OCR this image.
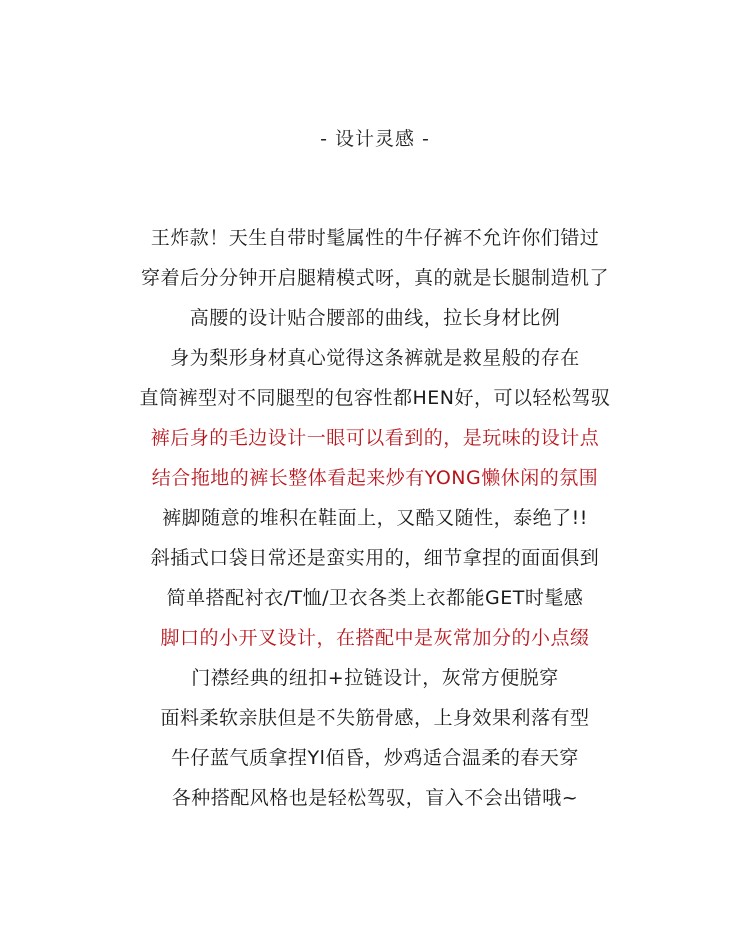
- 设计灵感 -
王炸款！天生自带时髦属性的牛仔裤不允许你们错过
穿着后分分钟开启腿精模式呀，真的就是长腿制造机了
高腰的设计贴合腰部的曲线，拉长身材比例
身为梨形身材真心觉得这条裤就是救星般的存在
直筒裤型对不同腿型的包容性都HEN好，可以轻松驾驭
裤后身的毛边设计一眼可以看到的，是玩味的设计点
结合拖地的裤长整体看起来炒有YONG懒休闲的氛围
裤脚随意的堆积在鞋面上，又酷又随性，泰绝了!!
斜插式口袋日常还是蛮实用的，细节拿捏的面面俱到
简单搭配衬衣/T恤/卫衣各类上衣都能GET时髦感
脚口的小开叉设计，在搭配中是灰常加分的小点缀
门襟经典的纽扣+拉链设计，灰常方便脱穿
面料柔软亲肤但是不失筋骨感，上身效果利落有型
牛仔蓝气质拿捏Yl佰昏，炒鸡适合温柔的春天穿
各种搭配风格也是轻松驾驭，盲入不会出错哦~
